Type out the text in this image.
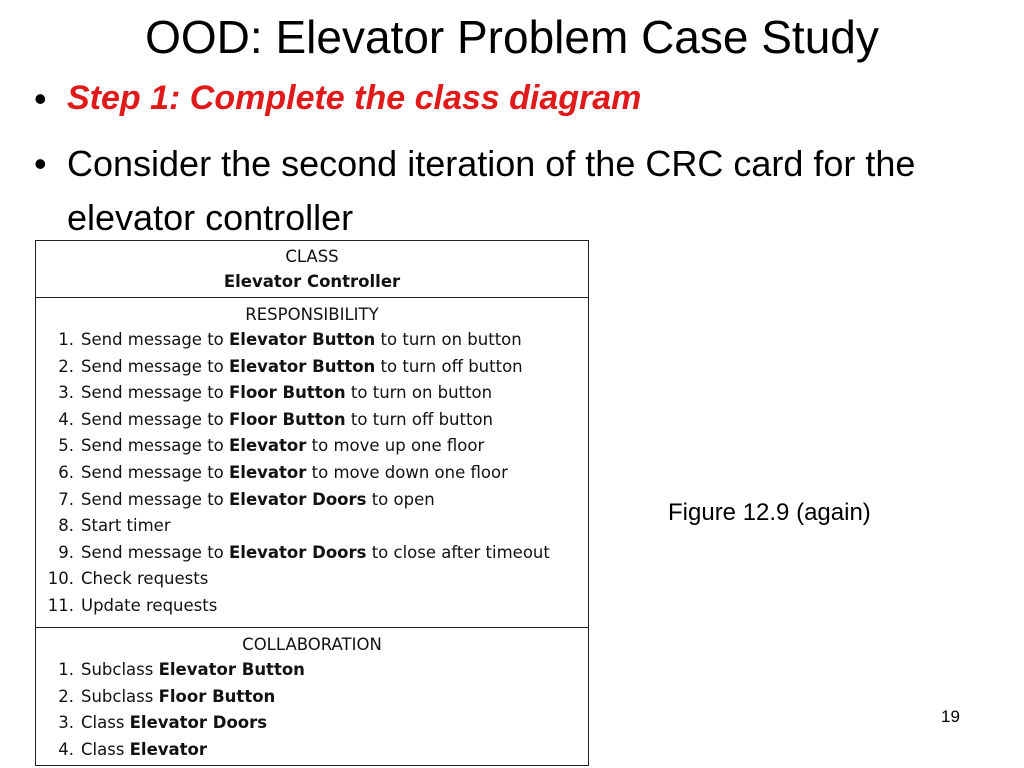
OOD: Elevator Problem Case Study
• Step 1: Complete the class diagram
• Consider the second iteration of the CRC card for the elevator controller
CLASS
Elevator Controller
RESPONSIBILITY
1. Send message to Elevator Button to turn on button
2. Send message to Elevator Button to turn off button
3. Send message to Floor Button to turn on button
4. Send message to Floor Button to turn off button
5. Send message to Elevator to move up one floor
6. Send message to Elevator to move down one floor
7. Send message to Elevator Doors to open
8. Start timer
9. Send message to Elevator Doors to close after timeout
10. Check requests
11. Update requests
COLLABORATION
1. Subclass Elevator Button
2. Subclass Floor Button
3. Class Elevator Doors
4. Class Elevator
Figure 12.9 (again)
19
